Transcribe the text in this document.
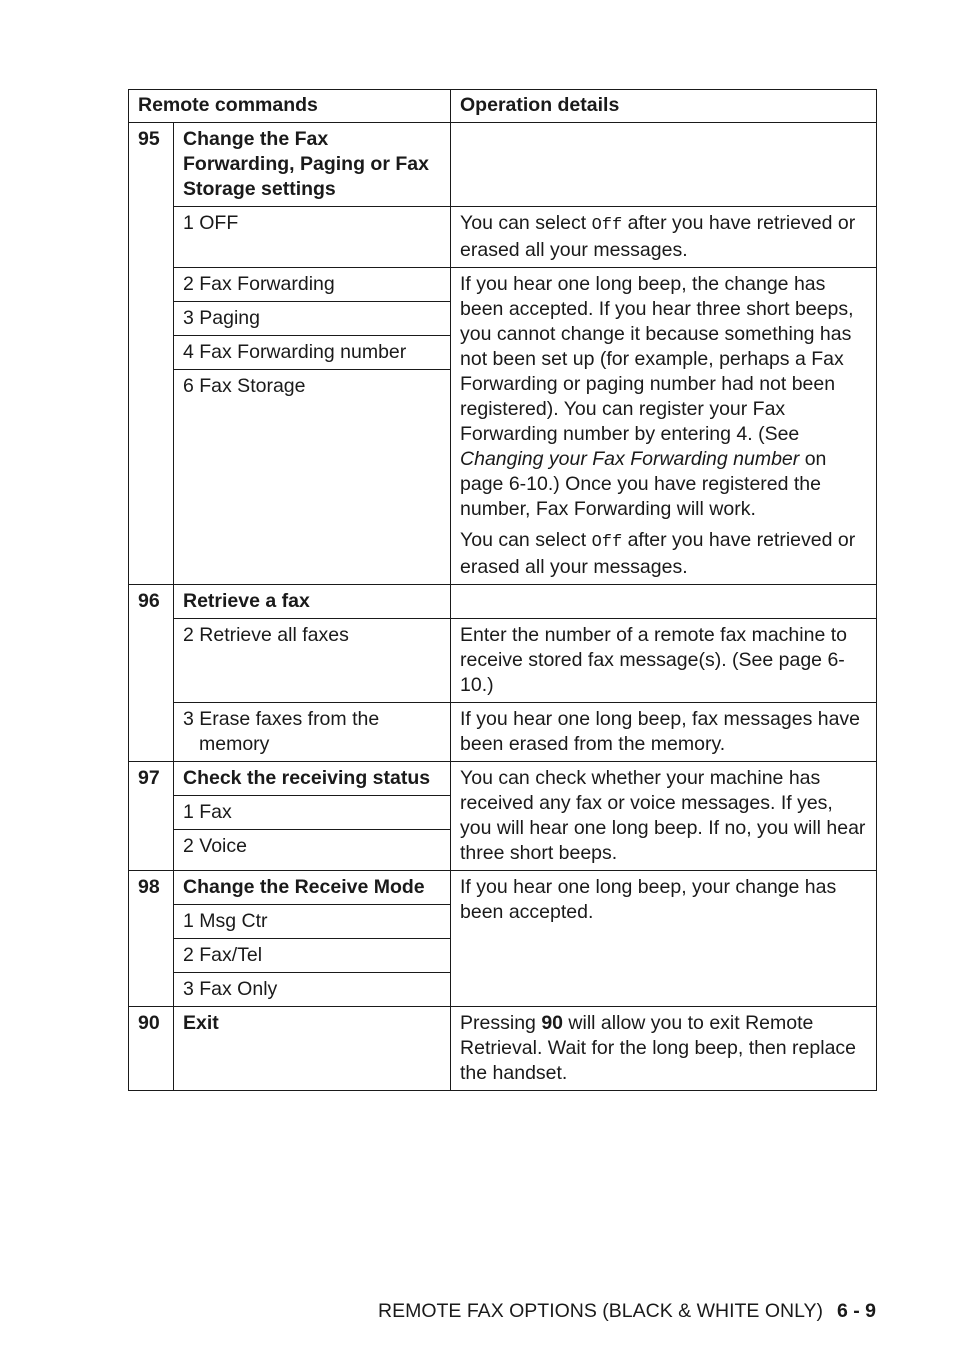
Remote commands		Operation details
95	Change the Fax Forwarding, Paging or Fax Storage settings	
	1 OFF	You can select Off after you have retrieved or erased all your messages.
	2 Fax Forwarding	If you hear one long beep, the change has been accepted. If you hear three short beeps, you cannot change it because something has not been set up (for example, perhaps a Fax Forwarding or paging number had not been registered). You can register your Fax Forwarding number by entering 4. (See Changing your Fax Forwarding number on page 6-10.) Once you have registered the number, Fax Forwarding will work.
You can select Off after you have retrieved or erased all your messages.

	3 Paging	
	4 Fax Forwarding number	
	6 Fax Storage	
96	Retrieve a fax	
	2 Retrieve all faxes	Enter the number of a remote fax machine to receive stored fax message(s). (See page 6-10.)

	3 Erase faxes from the memory	If you hear one long beep, fax messages have been erased from the memory.
97	Check the receiving status	You can check whether your machine has received any fax or voice messages. If yes, you will hear one long beep. If no, you will hear three short beeps.
	1 Fax	
	2 Voice	
98	Change the Receive Mode	If you hear one long beep, your change has been accepted.
	1 Msg Ctr	
	2 Fax/Tel	
	3 Fax Only	
90	Exit	Pressing 90 will allow you to exit Remote Retrieval. Wait for the long beep, then replace the handset.
REMOTE FAX OPTIONS (BLACK & WHITE ONLY) 6 - 9
